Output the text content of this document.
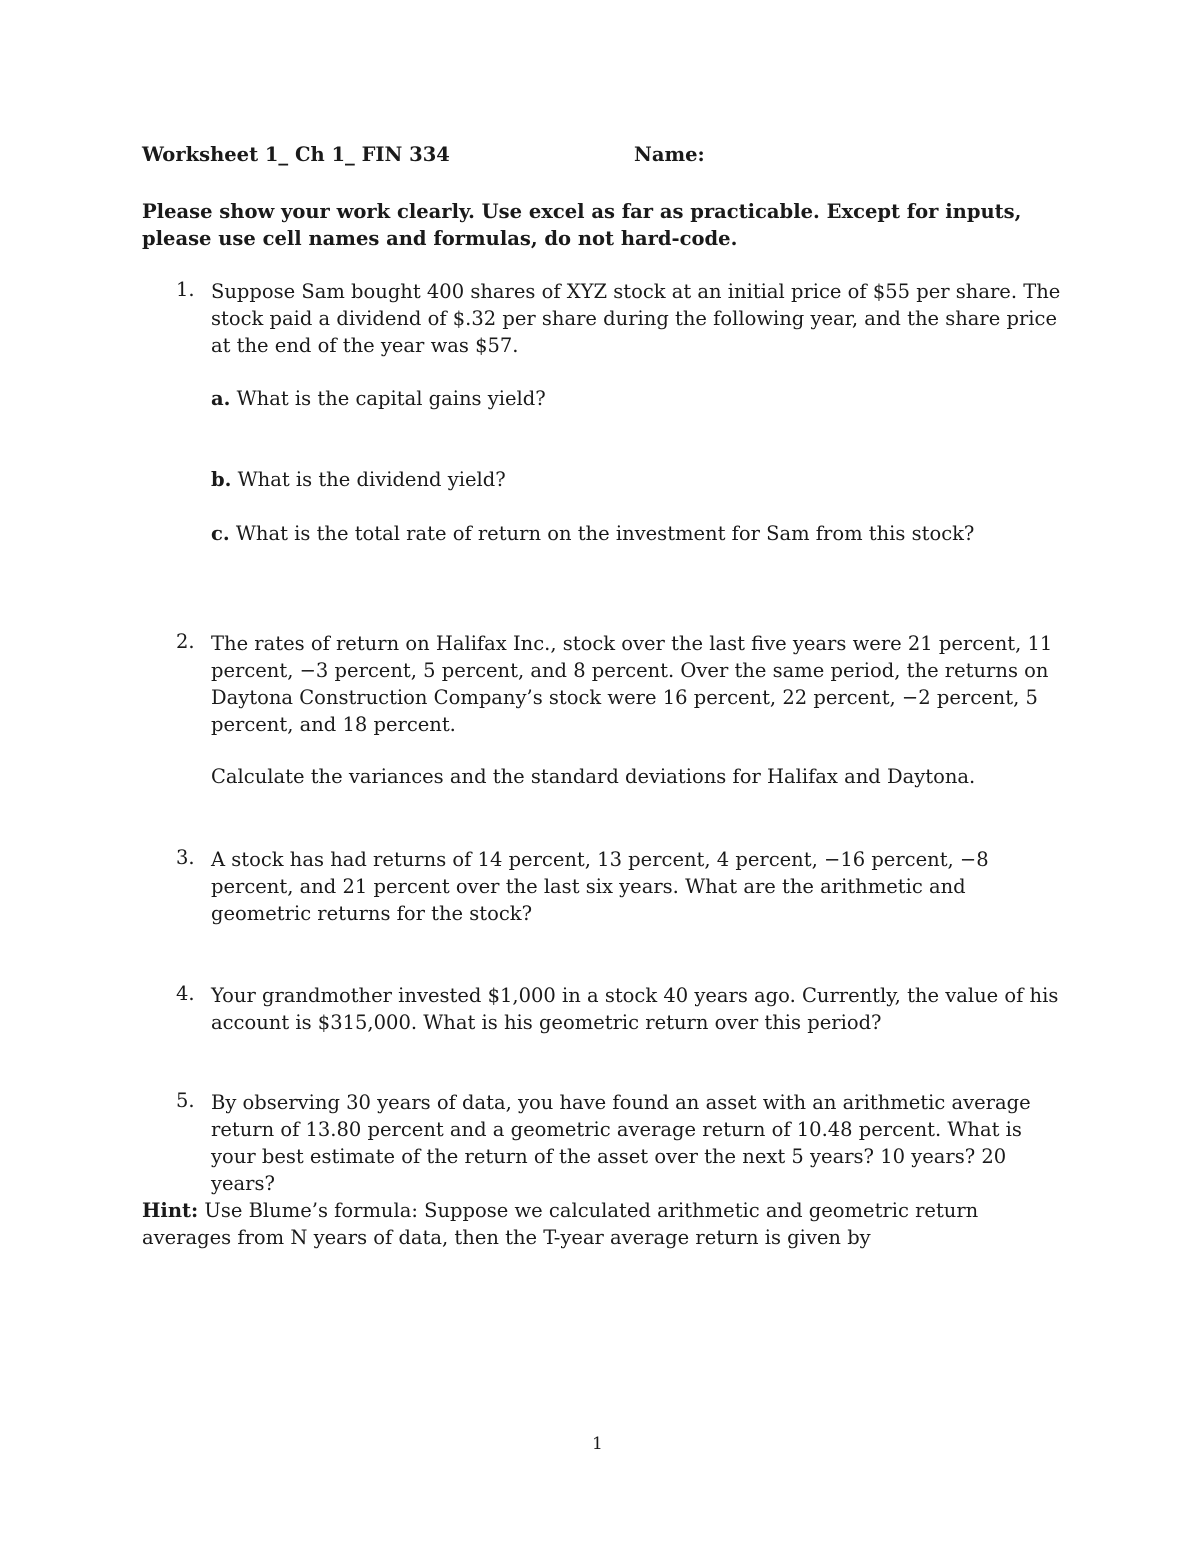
Worksheet 1_ Ch 1_ FIN 334	Name:
Please show your work clearly. Use excel as far as practicable. Except for inputs, please use cell names and formulas, do not hard-code.
1. Suppose Sam bought 400 shares of XYZ stock at an initial price of $55 per share. The stock paid a dividend of $.32 per share during the following year, and the share price at the end of the year was $57.
a. What is the capital gains yield?
b. What is the dividend yield?
c. What is the total rate of return on the investment for Sam from this stock?
2. The rates of return on Halifax Inc., stock over the last five years were 21 percent, 11 percent, −3 percent, 5 percent, and 8 percent. Over the same period, the returns on Daytona Construction Company’s stock were 16 percent, 22 percent, −2 percent, 5 percent, and 18 percent.
Calculate the variances and the standard deviations for Halifax and Daytona.
3. A stock has had returns of 14 percent, 13 percent, 4 percent, −16 percent, −8 percent, and 21 percent over the last six years. What are the arithmetic and geometric returns for the stock?
4. Your grandmother invested $1,000 in a stock 40 years ago. Currently, the value of his account is $315,000. What is his geometric return over this period?
5. By observing 30 years of data, you have found an asset with an arithmetic average return of 13.80 percent and a geometric average return of 10.48 percent. What is your best estimate of the return of the asset over the next 5 years? 10 years? 20 years?
Hint: Use Blume’s formula: Suppose we calculated arithmetic and geometric return averages from N years of data, then the T-year average return is given by
1
